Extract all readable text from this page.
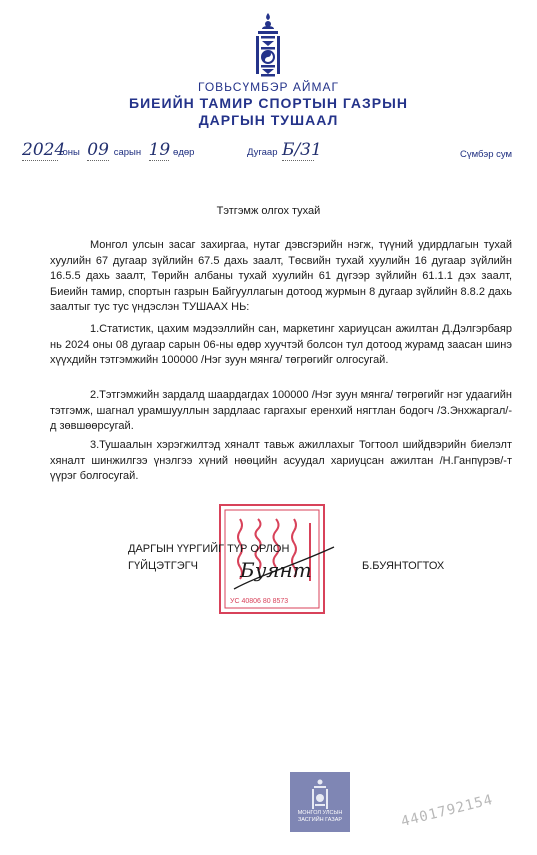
ГОВЬСҮМБЭР АЙМАГ
БИЕИЙН ТАМИР СПОРТЫН ГАЗРЫН
ДАРГЫН ТУШААЛ
2024 оны 09 сарын 19 өдөр	Дугаар Б/31	Сүмбэр сум
Тэтгэмж олгох тухай
Монгол улсын засаг захиргаа, нутаг дэвсгэрийн нэгж, түүний удирдлагын тухай хуулийн 67 дугаар зүйлийн 67.5 дахь заалт, Төсвийн тухай хуулийн 16 дугаар зүйлийн 16.5.5 дахь заалт, Төрийн албаны тухай хуулийн 61 дүгээр зүйлийн 61.1.1 дэх заалт, Биеийн тамир, спортын газрын Байгууллагын дотоод журмын 8 дугаар зүйлийн 8.8.2 дахь заалтыг тус тус үндэслэн ТУШААХ НЬ:
1.Статистик, цахим мэдээллийн сан, маркетинг хариуцсан ажилтан Д.Дэлгэрбаяр нь 2024 оны 08 дугаар сарын 06-ны өдөр хуучтэй болсон тул дотоод журамд заасан шинэ хүүхдийн тэтгэмжийн 100000 /Нэг зуун мянга/ төгрөгийг олгосугай.
2.Тэтгэмжийн зардалд шаардагдах 100000 /Нэг зуун мянга/ төгрөгийг нэг удаагийн тэтгэмж, шагнал урамшууллын зардлаас гаргахыг еренхий нягтлан бодогч /З.Энхжаргал/-д зөвшөөрсугай.
3.Тушаалын хэрэгжилтэд хяналт тавьж ажиллахыг Тогтоол шийдвэрийн биелэлт хяналт шинжилгээ үнэлгээ хүний нөөцийн асуудал хариуцсан ажилтан /Н.Ганпүрэв/-т үүрэг болгосугай.
УС 40806 80 8573
ДАРГЫН ҮҮРГИЙГ ТҮР ОРЛОН
ГҮЙЦЭТГЭГЧ	Б.БУЯНТОГТОХ
Буянт
МОНГОЛ УЛСЫН
ЗАСГИЙН ГАЗАР	4401792154
